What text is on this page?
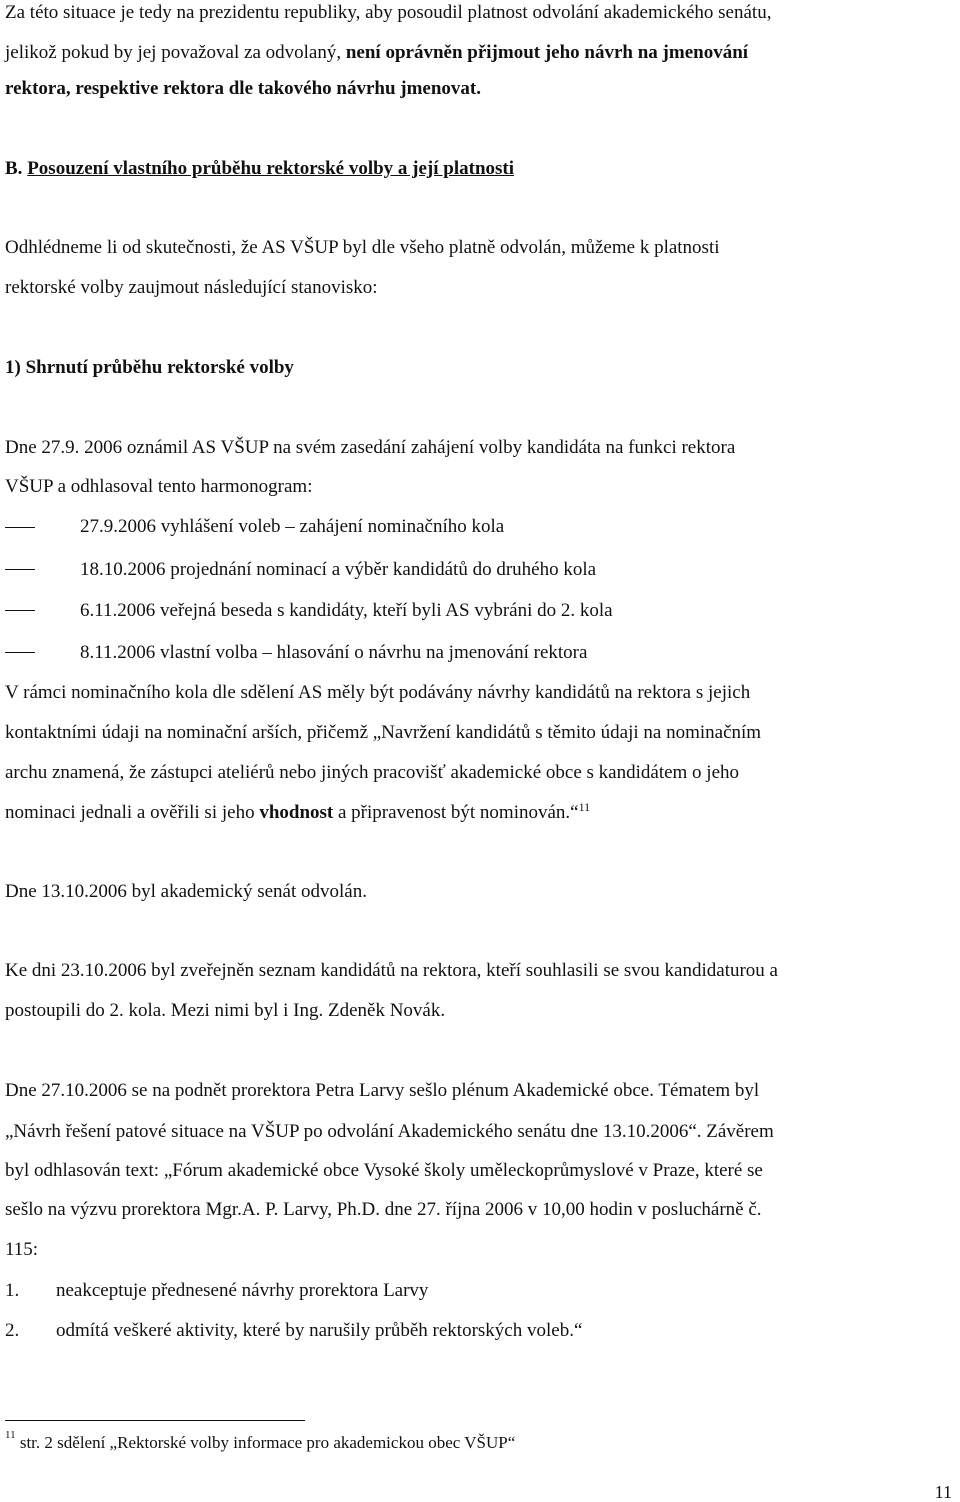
Za této situace je tedy na prezidentu republiky, aby posoudil platnost odvolání akademického senátu,
jelikož pokud by jej považoval za odvolaný, není oprávněn přijmout jeho návrh na jmenování
rektora, respektive rektora dle takového návrhu jmenovat.
B. Posouzení vlastního průběhu rektorské volby a její platnosti
Odhlédneme li od skutečnosti, že AS VŠUP byl dle všeho platně odvolán, můžeme k platnosti
rektorské volby zaujmout následující stanovisko:
1) Shrnutí průběhu rektorské volby
Dne 27.9. 2006 oznámil AS VŠUP na svém zasedání zahájení volby kandidáta na funkci rektora
VŠUP a odhlasoval tento harmonogram:
27.9.2006 vyhlášení voleb – zahájení nominačního kola
18.10.2006 projednání nominací a výběr kandidátů do druhého kola
6.11.2006 veřejná beseda s kandidáty, kteří byli AS vybráni do 2. kola
8.11.2006 vlastní volba – hlasování o návrhu na jmenování rektora
V rámci nominačního kola dle sdělení AS měly být podávány návrhy kandidátů na rektora s jejich
kontaktními údaji na nominační arších, přičemž „Navržení kandidátů s těmito údaji na nominačním
archu znamená, že zástupci ateliérů nebo jiných pracovišť akademické obce s kandidátem o jeho
nominaci jednali a ověřili si jeho vhodnost a připravenost být nominován.“$^{11}$
Dne 13.10.2006 byl akademický senát odvolán.
Ke dni 23.10.2006 byl zveřejněn seznam kandidátů na rektora, kteří souhlasili se svou kandidaturou a
postoupili do 2. kola. Mezi nimi byl i Ing. Zdeněk Novák.
Dne 27.10.2006 se na podnět prorektora Petra Larvy sešlo plénum Akademické obce. Tématem byl
„Návrh řešení patové situace na VŠUP po odvolání Akademického senátu dne 13.10.2006“. Závěrem
byl odhlasován text: „Fórum akademické obce Vysoké školy uměleckoprůmyslové v Praze, které se
sešlo na výzvu prorektora Mgr.A. P. Larvy, Ph.D. dne 27. října 2006 v 10,00 hodin v posluchárně č.
115:
1. neakceptuje přednesené návrhy prorektora Larvy
2. odmítá veškeré aktivity, které by narušily průběh rektorských voleb.“
$^{11}$ str. 2 sdělení „Rektorské volby informace pro akademickou obec VŠUP“
11
